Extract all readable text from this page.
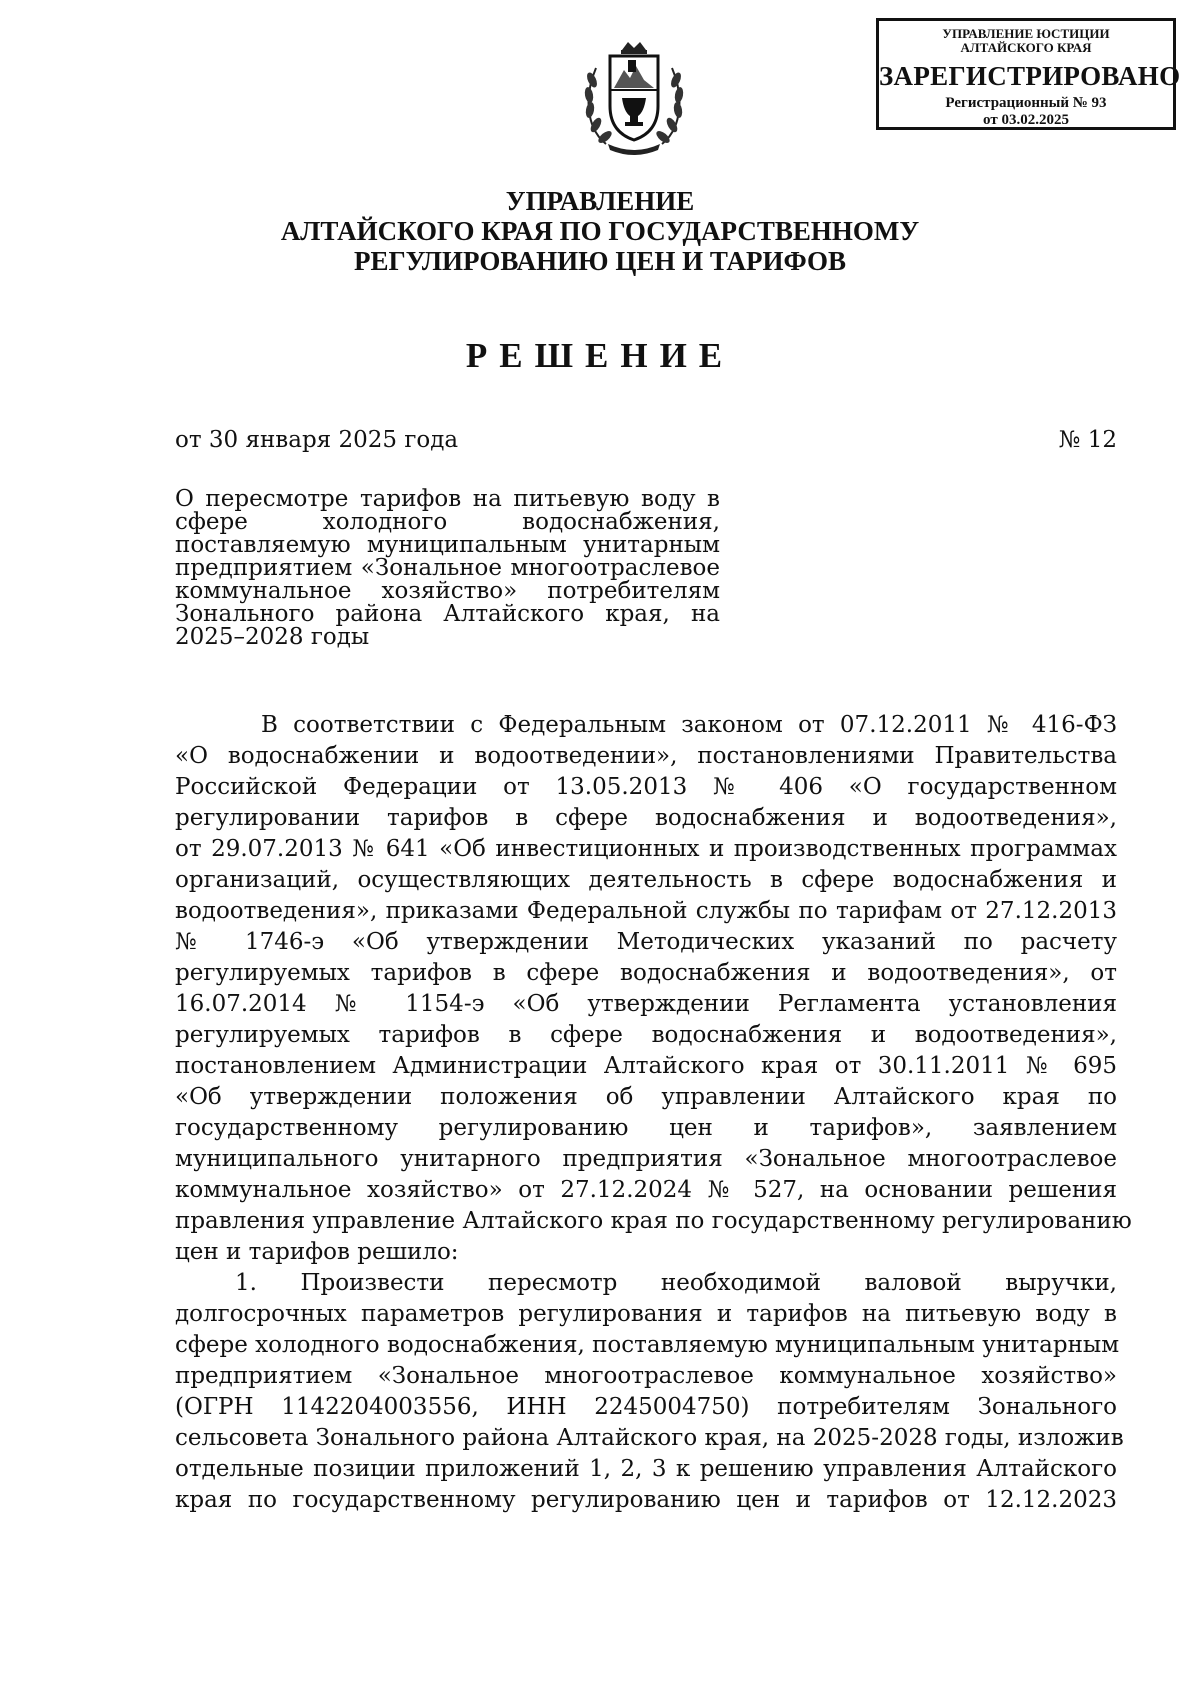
УПРАВЛЕНИЕ ЮСТИЦИИ
АЛТАЙСКОГО КРАЯ
ЗАРЕГИСТРИРОВАНО
Регистрационный № 93
от 03.02.2025
УПРАВЛЕНИЕ
АЛТАЙСКОГО КРАЯ ПО ГОСУДАРСТВЕННОМУ
РЕГУЛИРОВАНИЮ ЦЕН И ТАРИФОВ
РЕШЕНИЕ
от 30 января 2025 года	№ 12
О пересмотре тарифов на питьевую воду в
сфере холодного водоснабжения,
поставляемую муниципальным унитарным
предприятием «Зональное многоотраслевое
коммунальное хозяйство» потребителям
Зонального района Алтайского края, на
2025–2028 годы
В соответствии с Федеральным законом от 07.12.2011 № 416-ФЗ
«О водоснабжении и водоотведении», постановлениями Правительства
Российской Федерации от 13.05.2013 № 406 «О государственном
регулировании тарифов в сфере водоснабжения и водоотведения»,
от 29.07.2013 № 641 «Об инвестиционных и производственных программах
организаций, осуществляющих деятельность в сфере водоснабжения и
водоотведения», приказами Федеральной службы по тарифам от 27.12.2013
№ 1746-э «Об утверждении Методических указаний по расчету
регулируемых тарифов в сфере водоснабжения и водоотведения», от
16.07.2014 № 1154-э «Об утверждении Регламента установления
регулируемых тарифов в сфере водоснабжения и водоотведения»,
постановлением Администрации Алтайского края от 30.11.2011 № 695
«Об утверждении положения об управлении Алтайского края по
государственному регулированию цен и тарифов», заявлением
муниципального унитарного предприятия «Зональное многоотраслевое
коммунальное хозяйство» от 27.12.2024 № 527, на основании решения
правления управление Алтайского края по государственному регулированию
цен и тарифов решило:
1. Произвести пересмотр необходимой валовой выручки,
долгосрочных параметров регулирования и тарифов на питьевую воду в
сфере холодного водоснабжения, поставляемую муниципальным унитарным
предприятием «Зональное многоотраслевое коммунальное хозяйство»
(ОГРН 1142204003556, ИНН 2245004750) потребителям Зонального
сельсовета Зонального района Алтайского края, на 2025-2028 годы, изложив
отдельные позиции приложений 1, 2, 3 к решению управления Алтайского
края по государственному регулированию цен и тарифов от 12.12.2023
